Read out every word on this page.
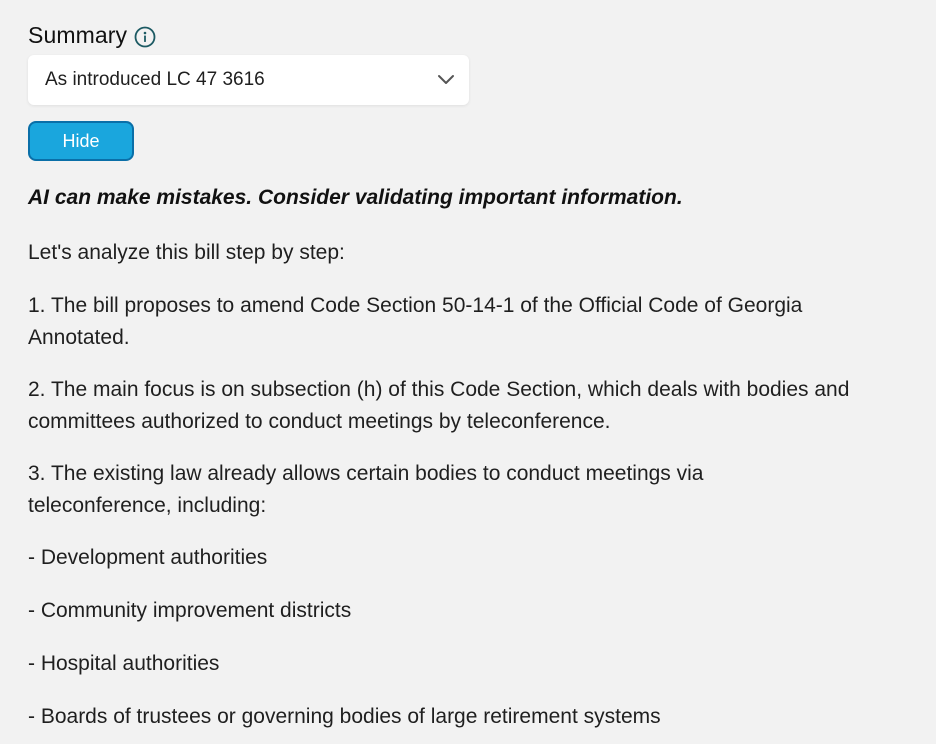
Summary
As introduced LC 47 3616
Hide
AI can make mistakes. Consider validating important information.

Let's analyze this bill step by step:

1. The bill proposes to amend Code Section 50-14-1 of the Official Code of Georgia Annotated.

2. The main focus is on subsection (h) of this Code Section, which deals with bodies and committees authorized to conduct meetings by teleconference.

3. The existing law already allows certain bodies to conduct meetings via teleconference, including:

- Development authorities

- Community improvement districts

- Hospital authorities

- Boards of trustees or governing bodies of large retirement systems
